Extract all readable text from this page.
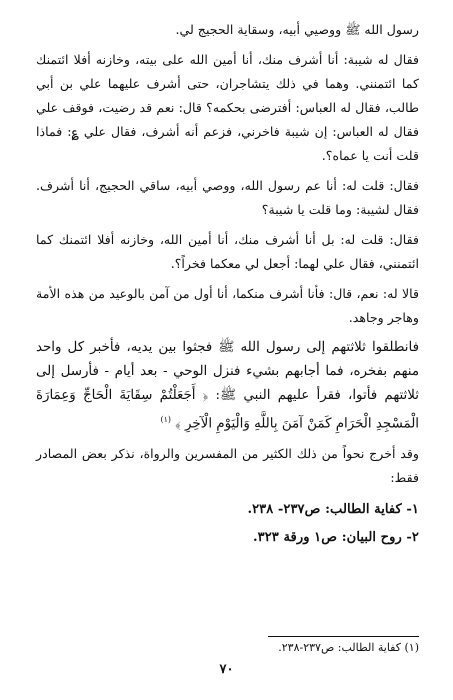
رسول الله ﷺ ووصيي أبيه، وسقاية الحجيج لي.

فقال له شيبة: أنا أشرف منك، أنا أمين الله على بيته، وخازنه أفلا ائتمنك كما ائتمنني. وهما في ذلك يتشاجران، حتى أشرف عليهما علي بن أبي طالب، فقال له العباس: أفترضى بحكمه؟ قال: نعم قد رضيت، فوقف علي فقال له العباس: إن شيبة فاخرني، فزعم أنه أشرف، فقال علي ؏: فماذا قلت أنت يا عماه؟.

فقال: قلت له: أنا عم رسول الله، ووصي أبيه، ساقي الحجيج، أنا أشرف. فقال لشيبة: وما قلت يا شيبة؟

فقال: قلت له: بل أنا أشرف منك، أنا أمين الله، وخازنه أفلا ائتمنك كما ائتمنني، فقال علي لهما: أجعل لي معكما فخراً؟.

قالا له: نعم، قال: فأنا أشرف منكما، أنا أول من آمن بالوعيد من هذه الأمة وهاجر وجاهد.

فانطلقوا ثلاثتهم إلى رسول الله ﷺ فجثوا بين يديه، فأخبر كل واحد منهم بفخره، فما أجابهم بشيء فنزل الوحي - بعد أيام - فأرسل إلى ثلاثتهم فأتوا، فقرأ عليهم النبي ﷺ: ﴿ أَجَعَلْتُمْ سِقَايَةَ الْحَاجِّ وَعِمَارَةَ الْمَسْجِدِ الْحَرَامِ كَمَنْ آمَنَ بِاللَّهِ وَالْيَوْمِ الْآخِرِ ﴾ $^{(١)}$

وقد أخرج نحواً من ذلك الكثير من المفسرين والرواة، نذكر بعض المصادر فقط:

١- كفاية الطالب: ص٢٣٧- ٢٣٨.

٢- روح البيان: ص١ ورقة ٣٢٣.

(١) كفاية الطالب: ص٢٣٧-٢٣٨.
٧٠
